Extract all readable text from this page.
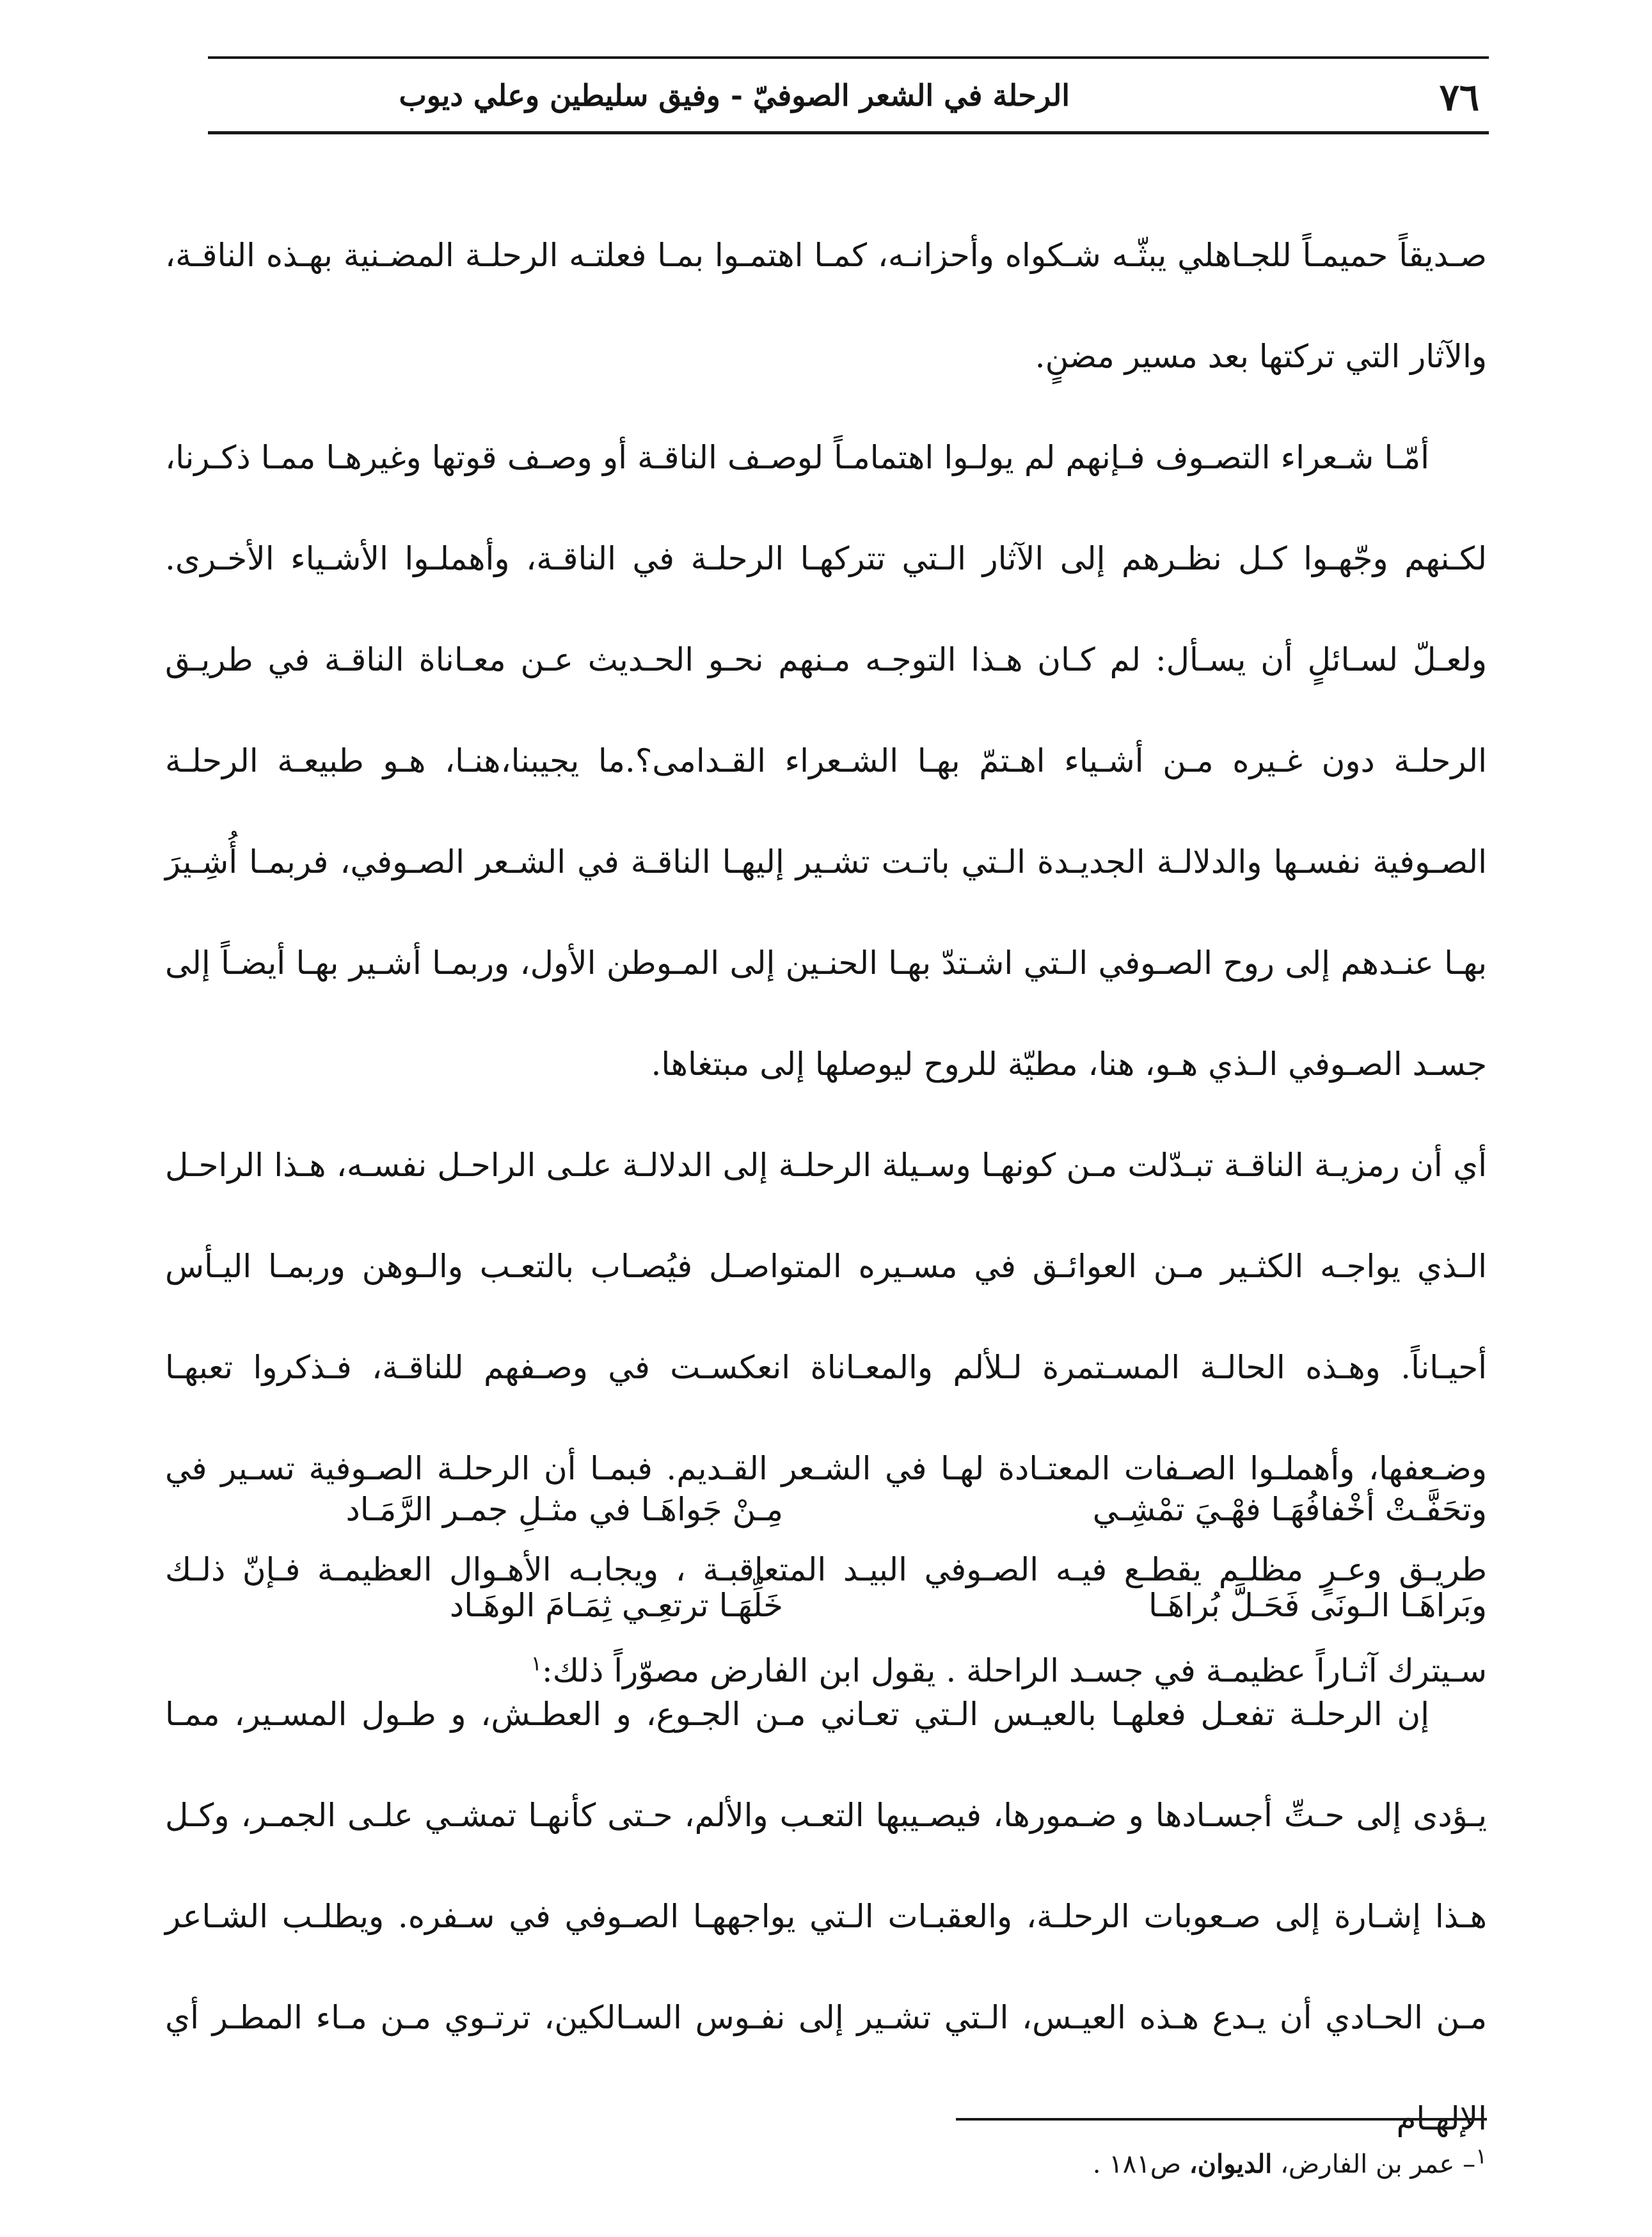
٧٦
الرحلة في الشعر الصوفيّ - وفيق سليطين وعلي ديوب

صـديقاً حميمـاً للجـاهلي يبثّـه شـكواه وأحزانـه، كمـا اهتمـوا بمـا فعلتـه الرحلـة المضـنية بهـذه الناقـة، والآثار التي تركتها بعد مسير مضنٍ.

أمّـا شـعراء التصـوف فـإنهم لم يولـوا اهتمامـاً لوصـف الناقـة أو وصـف قوتها وغيرهـا ممـا ذكـرنا، لكـنهم وجّهـوا كـل نظـرهم إلى الآثار الـتي تتركهـا الرحلـة في الناقـة، وأهملـوا الأشـياء الأخـرى. ولعـلّ لسـائلٍ أن يسـأل: لم كـان هـذا التوجـه مـنهم نحـو الحـديث عـن معـاناة الناقـة في طريـق الرحلـة دون غـيره مـن أشـياء اهـتمّ بهـا الشـعراء القـدامى؟.ما يجيبنا،هنـا، هـو طبيعـة الرحلـة الصـوفية نفسـها والدلالـة الجديـدة الـتي باتـت تشـير إليهـا الناقـة في الشـعر الصـوفي، فربمـا أُشِـيرَ بهـا عنـدهم إلى روح الصـوفي الـتي اشـتدّ بهـا الحنـين إلى المـوطن الأول، وربمـا أشـير بهـا أيضـاً إلى جسـد الصـوفي الـذي هـو، هنا، مطيّة للروح ليوصلها إلى مبتغاها.

أي أن رمزيـة الناقـة تبـدّلت مـن كونهـا وسـيلة الرحلـة إلى الدلالـة علـى الراحـل نفسـه، هـذا الراحـل الـذي يواجـه الكثـير مـن العوائـق في مسـيره المتواصـل فيُصـاب بالتعـب والـوهن وربمـا اليـأس أحيـاناً. وهـذه الحالـة المسـتمرة لـلألم والمعـاناة انعكسـت في وصـفهم للناقـة، فـذكروا تعبهـا وضـعفها، وأهملـوا الصـفات المعتـادة لهـا في الشـعر القـديم. فبمـا أن الرحلـة الصـوفية تسـير في طريـق وعـرٍ مظلـم يقطـع فيـه الصـوفي البيـد المتعاقبـة ، ويجابـه الأهـوال العظيمـة فـإنّ ذلـك سـيترك آثـاراً عظيمـة في جسـد الراحلة . يقول ابن الفارض مصوّراً ذلك:$^١$

وتحَفَّـتْ أخْفافُهَـا فهْـيَ تمْشِـي
مِـنْ جَواهَـا في مثـلِ جمـر الرَّمَـاد
وبَراهَـا الـونَى فَحَـلَّ بُراهَـا
خَلِّهَـا ترتعِـي ثِمَـامَ الوهَـاد

إن الرحلـة تفعـل فعلهـا بالعيـس الـتي تعـاني مـن الجـوع، و العطـش، و طـول المسـير، ممـا يـؤدى إلى حـتِّ أجسـادها و ضـمورها، فيصـيبها التعـب والألم، حـتى كأنهـا تمشـي علـى الجمـر، وكـل هـذا إشـارة إلى صـعوبات الرحلـة، والعقبـات الـتي يواجههـا الصـوفي في سـفره. ويطلـب الشـاعر مـن الحـادي أن يـدع هـذه العيـس، الـتي تشـير إلى نفـوس السـالكين، ترتـوي مـن مـاء المطـر أي الإلهـام

$^١$– عمر بن الفارض، الديوان، ص١٨١ .
